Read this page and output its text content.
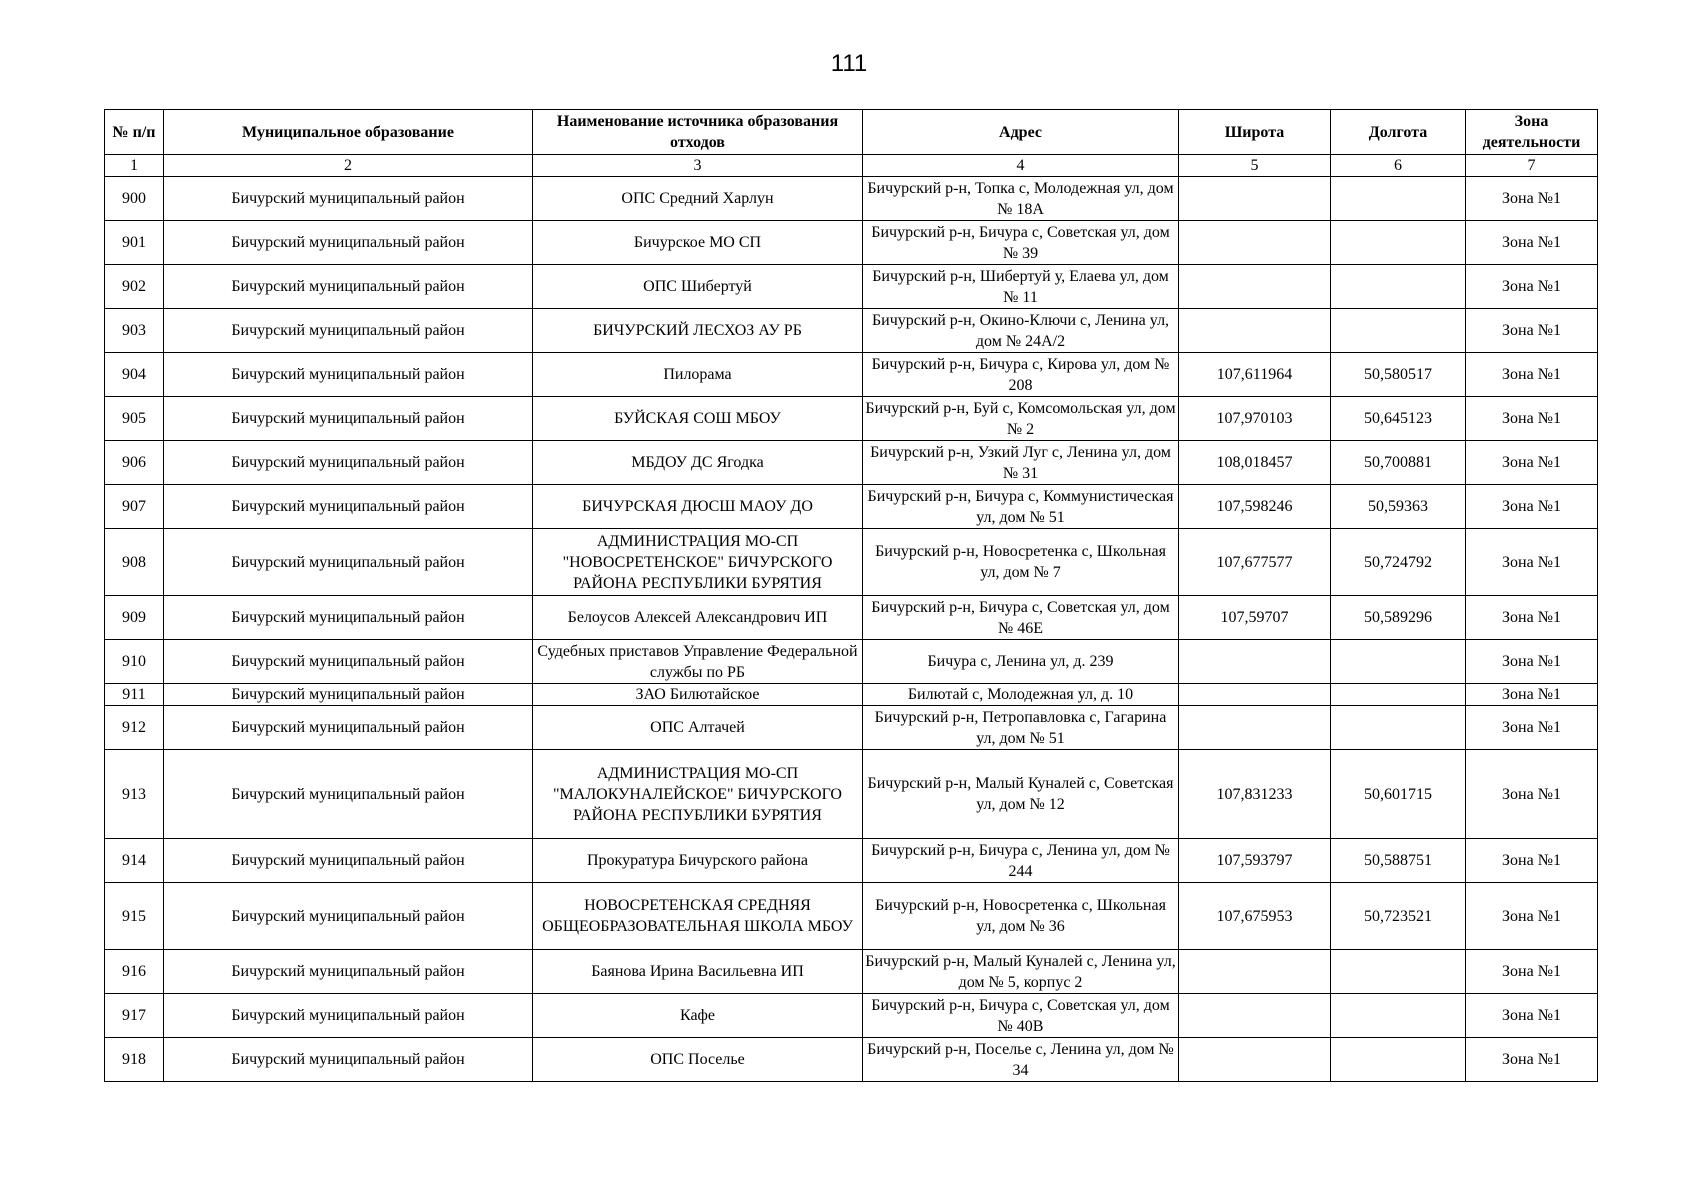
111
№ п/п	Муниципальное образование	Наименование источника образования отходов	Адрес	Широта	Долгота	Зона деятельности
1	2	3	4	5	6	7
900	Бичурский муниципальный район	ОПС Средний Харлун	Бичурский р-н, Топка с, Молодежная ул, дом № 18А			Зона №1
901	Бичурский муниципальный район	Бичурское МО СП	Бичурский р-н, Бичура с, Советская ул, дом № 39			Зона №1
902	Бичурский муниципальный район	ОПС Шибертуй	Бичурский р-н, Шибертуй у, Елаева ул, дом № 11			Зона №1
903	Бичурский муниципальный район	БИЧУРСКИЙ ЛЕСХОЗ АУ РБ	Бичурский р-н, Окино-Ключи с, Ленина ул, дом № 24А/2			Зона №1
904	Бичурский муниципальный район	Пилорама	Бичурский р-н, Бичура с, Кирова ул, дом № 208	107,611964	50,580517	Зона №1
905	Бичурский муниципальный район	БУЙСКАЯ СОШ МБОУ	Бичурский р-н, Буй с, Комсомольская ул, дом № 2	107,970103	50,645123	Зона №1
906	Бичурский муниципальный район	МБДОУ ДС Ягодка	Бичурский р-н, Узкий Луг с, Ленина ул, дом № 31	108,018457	50,700881	Зона №1
907	Бичурский муниципальный район	БИЧУРСКАЯ ДЮСШ МАОУ ДО	Бичурский р-н, Бичура с, Коммунистическая ул, дом № 51	107,598246	50,59363	Зона №1
908	Бичурский муниципальный район	АДМИНИСТРАЦИЯ МО-СП "НОВОСРЕТЕНСКОЕ" БИЧУРСКОГО РАЙОНА РЕСПУБЛИКИ БУРЯТИЯ	Бичурский р-н, Новосретенка с, Школьная ул, дом № 7	107,677577	50,724792	Зона №1
909	Бичурский муниципальный район	Белоусов Алексей Александрович ИП	Бичурский р-н, Бичура с, Советская ул, дом № 46Е	107,59707	50,589296	Зона №1
910	Бичурский муниципальный район	Судебных приставов Управление Федеральной службы по РБ	Бичура с, Ленина ул, д. 239			Зона №1
911	Бичурский муниципальный район	ЗАО Билютайское	Билютай с, Молодежная ул, д. 10			Зона №1
912	Бичурский муниципальный район	ОПС Алтачей	Бичурский р-н, Петропавловка с, Гагарина ул, дом № 51			Зона №1
913	Бичурский муниципальный район	АДМИНИСТРАЦИЯ МО-СП "МАЛОКУНАЛЕЙСКОЕ" БИЧУРСКОГО РАЙОНА РЕСПУБЛИКИ БУРЯТИЯ	Бичурский р-н, Малый Куналей с, Советская ул, дом № 12	107,831233	50,601715	Зона №1
914	Бичурский муниципальный район	Прокуратура Бичурского района	Бичурский р-н, Бичура с, Ленина ул, дом № 244	107,593797	50,588751	Зона №1
915	Бичурский муниципальный район	НОВОСРЕТЕНСКАЯ СРЕДНЯЯ ОБЩЕОБРАЗОВАТЕЛЬНАЯ ШКОЛА МБОУ	Бичурский р-н, Новосретенка с, Школьная ул, дом № 36	107,675953	50,723521	Зона №1
916	Бичурский муниципальный район	Баянова Ирина Васильевна ИП	Бичурский р-н, Малый Куналей с, Ленина ул, дом № 5, корпус 2			Зона №1
917	Бичурский муниципальный район	Кафе	Бичурский р-н, Бичура с, Советская ул, дом № 40В			Зона №1
918	Бичурский муниципальный район	ОПС Поселье	Бичурский р-н, Поселье с, Ленина ул, дом № 34			Зона №1
